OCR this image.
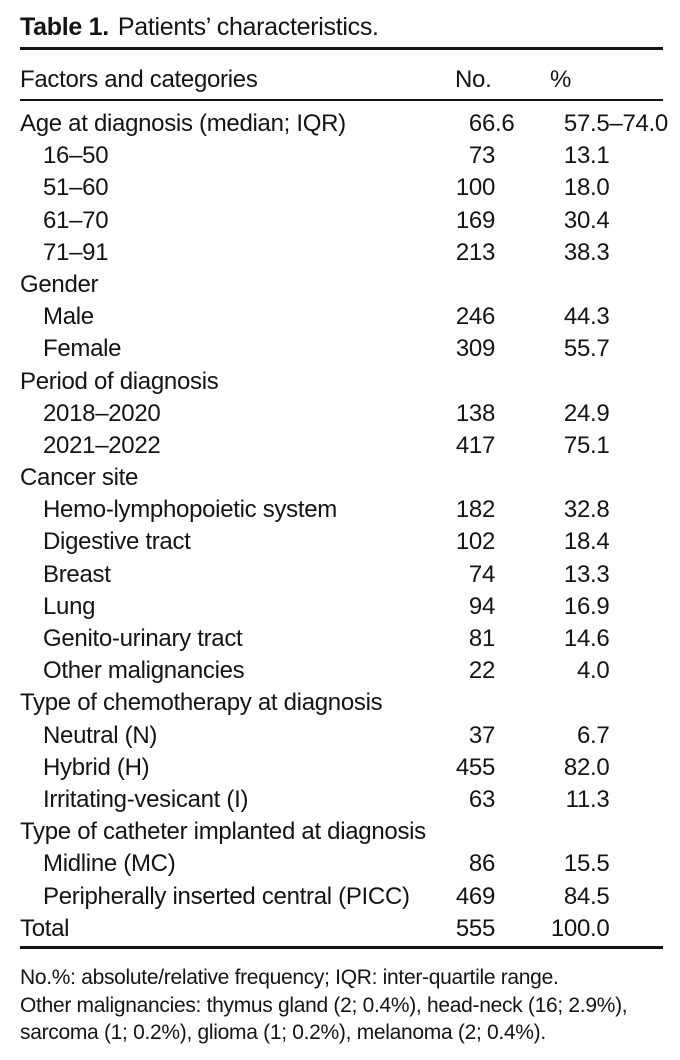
Table 1. Patients’ characteristics.
Factors and categories	No. %
Age at diagnosis (median; IQR)	66.6	57.5–74.0
16–50	73	13.1
51–60	100	18.0
61–70	169	30.4
71–91	213	38.3
Gender
Male	246	44.3
Female	309	55.7
Period of diagnosis
2018–2020	138	24.9
2021–2022	417	75.1
Cancer site
Hemo-lymphopoietic system	182	32.8
Digestive tract	102	18.4
Breast	74	13.3
Lung	94	16.9
Genito-urinary tract	81	14.6
Other malignancies	22	4.0
Type of chemotherapy at diagnosis
Neutral (N)	37	6.7
Hybrid (H)	455	82.0
Irritating-vesicant (I)	63	11.3
Type of catheter implanted at diagnosis
Midline (MC)	86	15.5
Peripherally inserted central (PICC)	469	84.5
Total	555	100.0
No.%: absolute/relative frequency; IQR: inter-quartile range.
Other malignancies: thymus gland (2; 0.4%), head-neck (16; 2.9%),
sarcoma (1; 0.2%), glioma (1; 0.2%), melanoma (2; 0.4%).
